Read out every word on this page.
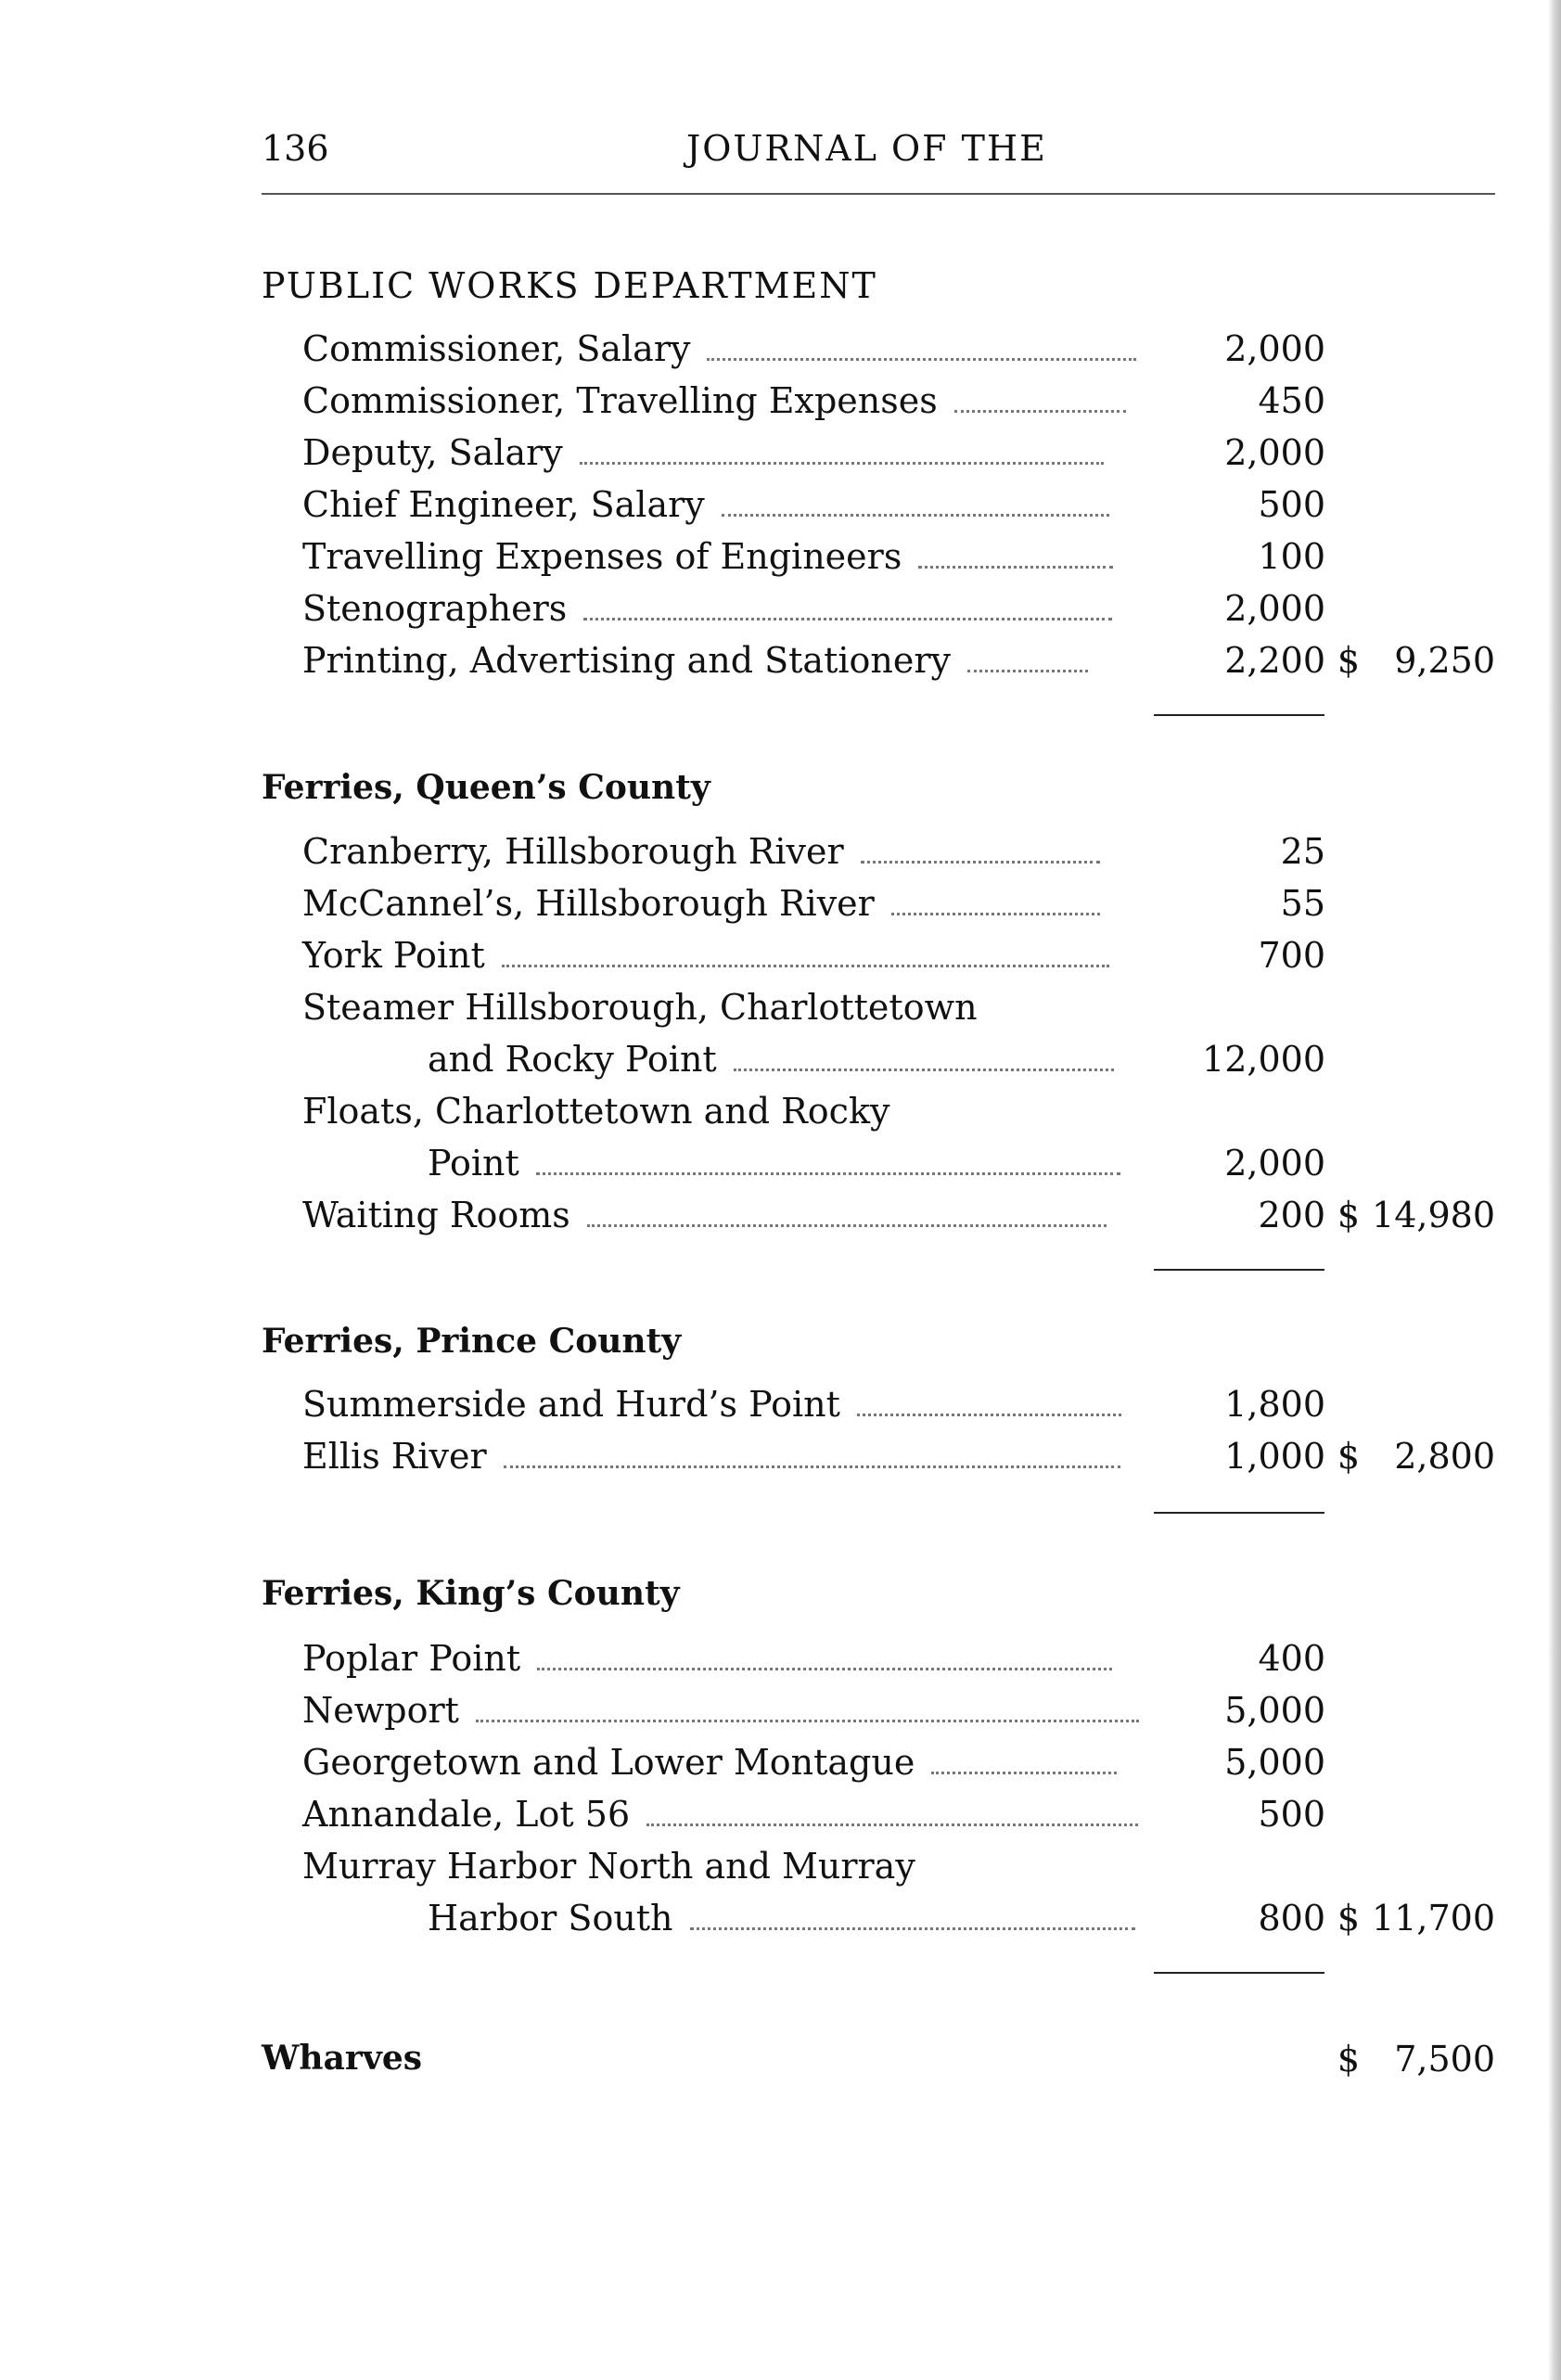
136	JOURNAL OF THE
PUBLIC WORKS DEPARTMENT
Commissioner, Salary	2,000
Commissioner, Travelling Expenses	450
Deputy, Salary	2,000
Chief Engineer, Salary	500
Travelling Expenses of Engineers	100
Stenographers	2,000
Printing, Advertising and Stationery	2,200 $ 9,250
Ferries, Queen’s County
Cranberry, Hillsborough River	25
McCannel’s, Hillsborough River	55
York Point	700
Steamer Hillsborough, Charlottetown
and Rocky Point	12,000
Floats, Charlottetown and Rocky
Point	2,000
Waiting Rooms	200 $ 14,980
Ferries, Prince County
Summerside and Hurd’s Point	1,800
Ellis River	1,000 $ 2,800
Ferries, King’s County
Poplar Point	400
Newport	5,000
Georgetown and Lower Montague	5,000
Annandale, Lot 56	500
Murray Harbor North and Murray
Harbor South	800 $ 11,700
Wharves	$ 7,500
